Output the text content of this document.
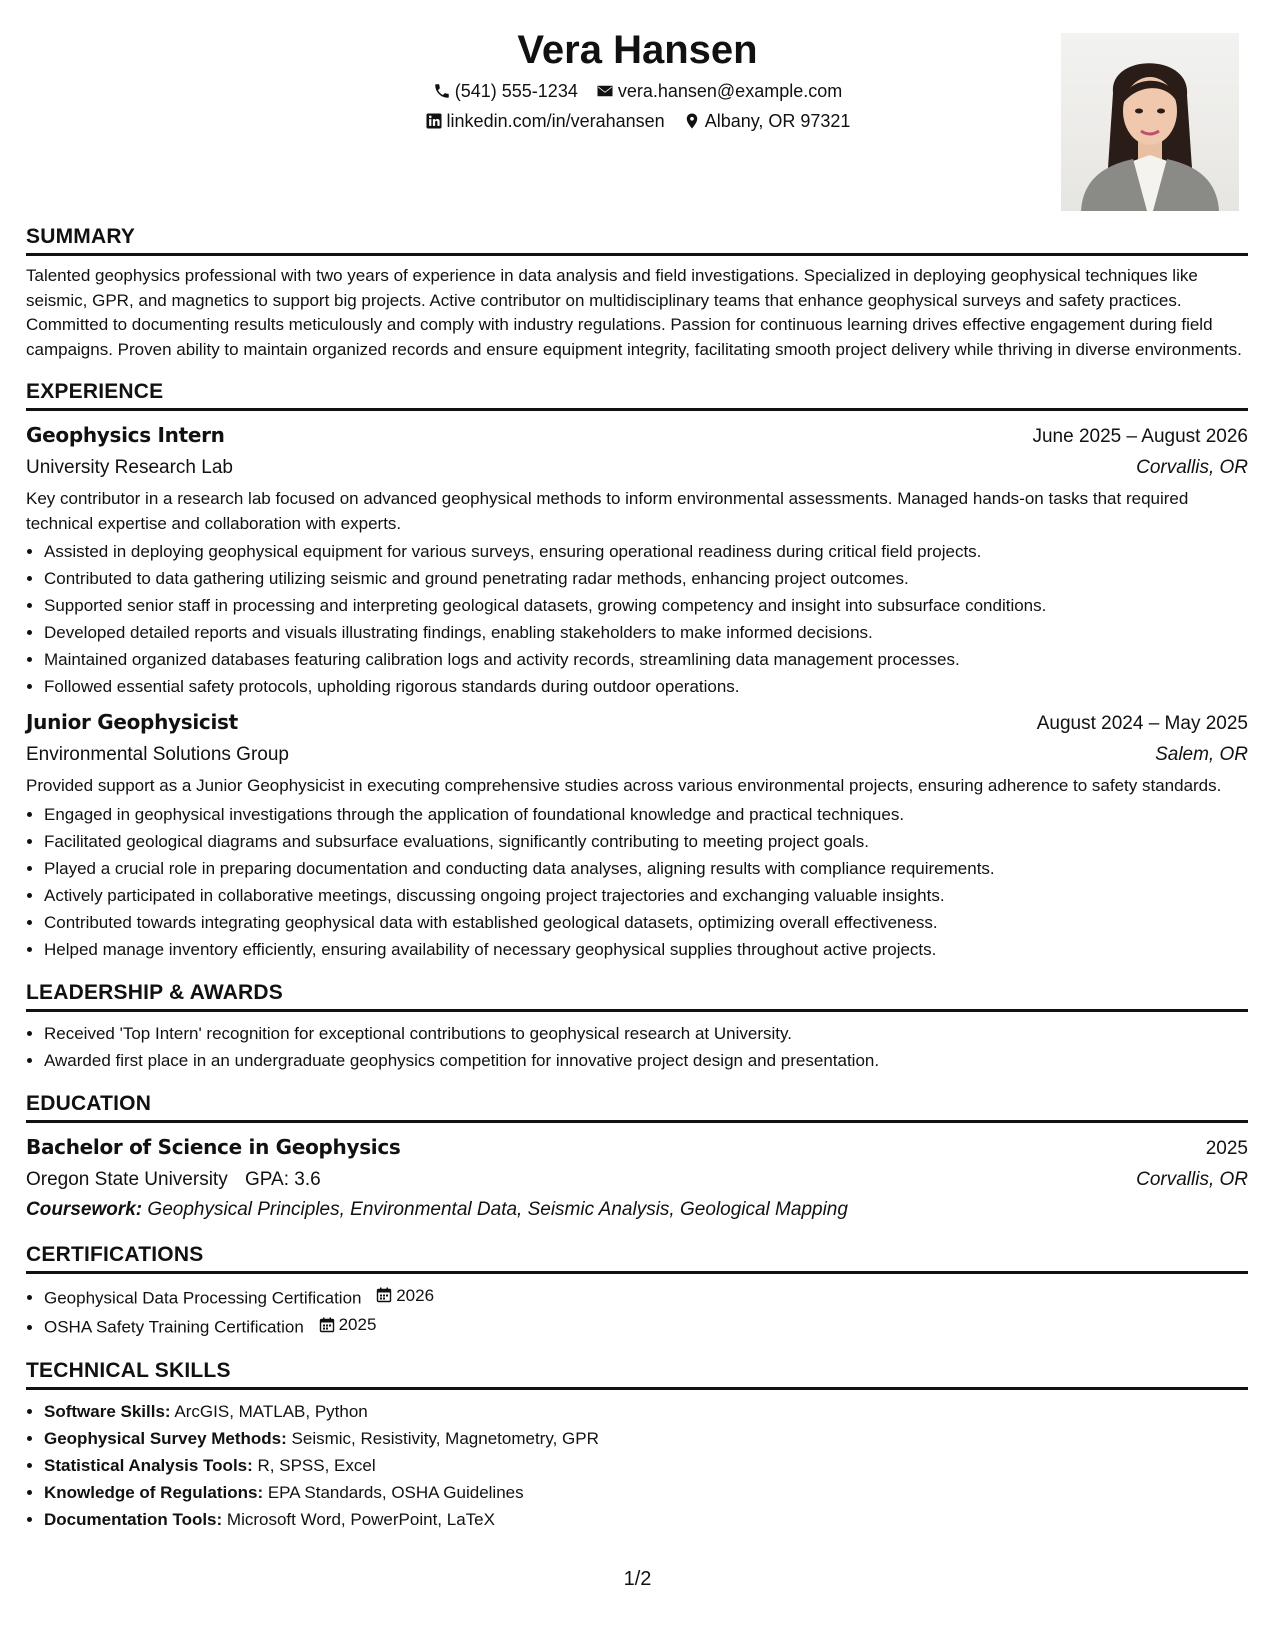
Vera Hansen
(541) 555-1234 vera.hansen@example.com
linkedin.com/in/verahansen Albany, OR 97321
SUMMARY

Talented geophysics professional with two years of experience in data analysis and field investigations. Specialized in deploying geophysical techniques like seismic, GPR, and magnetics to support big projects. Active contributor on multidisciplinary teams that enhance geophysical surveys and safety practices. Committed to documenting results meticulously and comply with industry regulations. Passion for continuous learning drives effective engagement during field campaigns. Proven ability to maintain organized records and ensure equipment integrity, facilitating smooth project delivery while thriving in diverse environments.

EXPERIENCE
Geophysics Intern	June 2025 – August 2026
University Research Lab	Corvallis, OR

Key contributor in a research lab focused on advanced geophysical methods to inform environmental assessments. Managed hands-on tasks that required technical expertise and collaboration with experts.

• Assisted in deploying geophysical equipment for various surveys, ensuring operational readiness during critical field projects.
• Contributed to data gathering utilizing seismic and ground penetrating radar methods, enhancing project outcomes.
• Supported senior staff in processing and interpreting geological datasets, growing competency and insight into subsurface conditions.
• Developed detailed reports and visuals illustrating findings, enabling stakeholders to make informed decisions.
• Maintained organized databases featuring calibration logs and activity records, streamlining data management processes.
• Followed essential safety protocols, upholding rigorous standards during outdoor operations.
Junior Geophysicist	August 2024 – May 2025
Environmental Solutions Group	Salem, OR

Provided support as a Junior Geophysicist in executing comprehensive studies across various environmental projects, ensuring adherence to safety standards.

• Engaged in geophysical investigations through the application of foundational knowledge and practical techniques.
• Facilitated geological diagrams and subsurface evaluations, significantly contributing to meeting project goals.
• Played a crucial role in preparing documentation and conducting data analyses, aligning results with compliance requirements.
• Actively participated in collaborative meetings, discussing ongoing project trajectories and exchanging valuable insights.
• Contributed towards integrating geophysical data with established geological datasets, optimizing overall effectiveness.
• Helped manage inventory efficiently, ensuring availability of necessary geophysical supplies throughout active projects.
LEADERSHIP & AWARDS
• Received 'Top Intern' recognition for exceptional contributions to geophysical research at University.
• Awarded first place in an undergraduate geophysics competition for innovative project design and presentation.
EDUCATION
Bachelor of Science in Geophysics	2025
Oregon State University GPA: 3.6	Corvallis, OR
Coursework: Geophysical Principles, Environmental Data, Seismic Analysis, Geological Mapping
CERTIFICATIONS
• Geophysical Data Processing Certification 2026
• OSHA Safety Training Certification 2025
TECHNICAL SKILLS
• Software Skills: ArcGIS, MATLAB, Python
• Geophysical Survey Methods: Seismic, Resistivity, Magnetometry, GPR
• Statistical Analysis Tools: R, SPSS, Excel
• Knowledge of Regulations: EPA Standards, OSHA Guidelines
• Documentation Tools: Microsoft Word, PowerPoint, LaTeX
1/2
